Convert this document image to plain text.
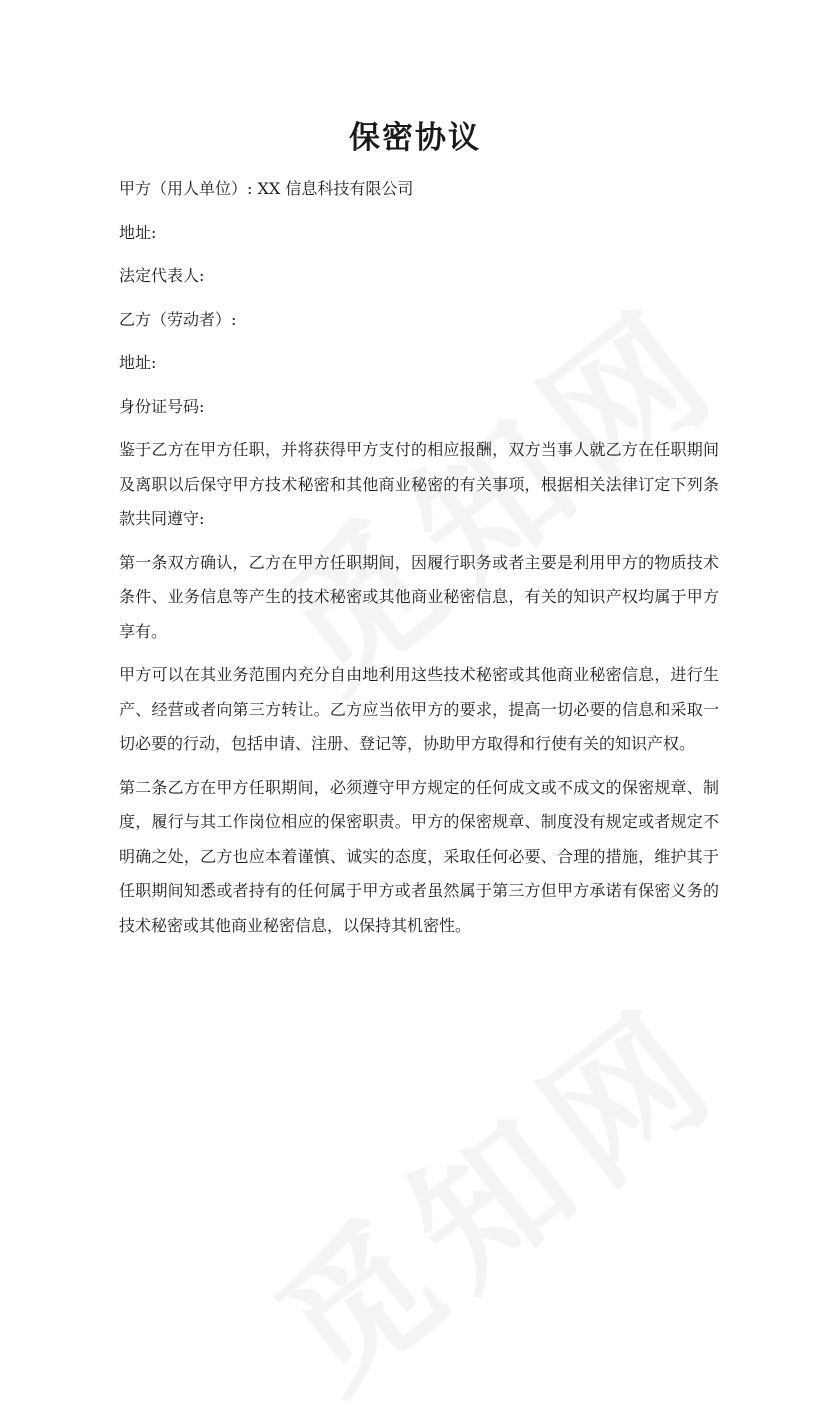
保密协议

甲方（用人单位）: XX 信息科技有限公司

地址:

法定代表人:

乙方（劳动者）:

地址:

身份证号码:

鉴于乙方在甲方任职，并将获得甲方支付的相应报酬，双方当事人就乙方在任职期间及离职以后保守甲方技术秘密和其他商业秘密的有关事项，根据相关法律订定下列条款共同遵守:

第一条双方确认，乙方在甲方任职期间，因履行职务或者主要是利用甲方的物质技术条件、业务信息等产生的技术秘密或其他商业秘密信息，有关的知识产权均属于甲方享有。

甲方可以在其业务范围内充分自由地利用这些技术秘密或其他商业秘密信息，进行生产、经营或者向第三方转让。乙方应当依甲方的要求，提高一切必要的信息和采取一切必要的行动，包括申请、注册、登记等，协助甲方取得和行使有关的知识产权。

第二条乙方在甲方任职期间，必须遵守甲方规定的任何成文或不成文的保密规章、制度，履行与其工作岗位相应的保密职责。甲方的保密规章、制度没有规定或者规定不明确之处，乙方也应本着谨慎、诚实的态度，采取任何必要、合理的措施，维护其于任职期间知悉或者持有的任何属于甲方或者虽然属于第三方但甲方承诺有保密义务的技术秘密或其他商业秘密信息，以保持其机密性。
